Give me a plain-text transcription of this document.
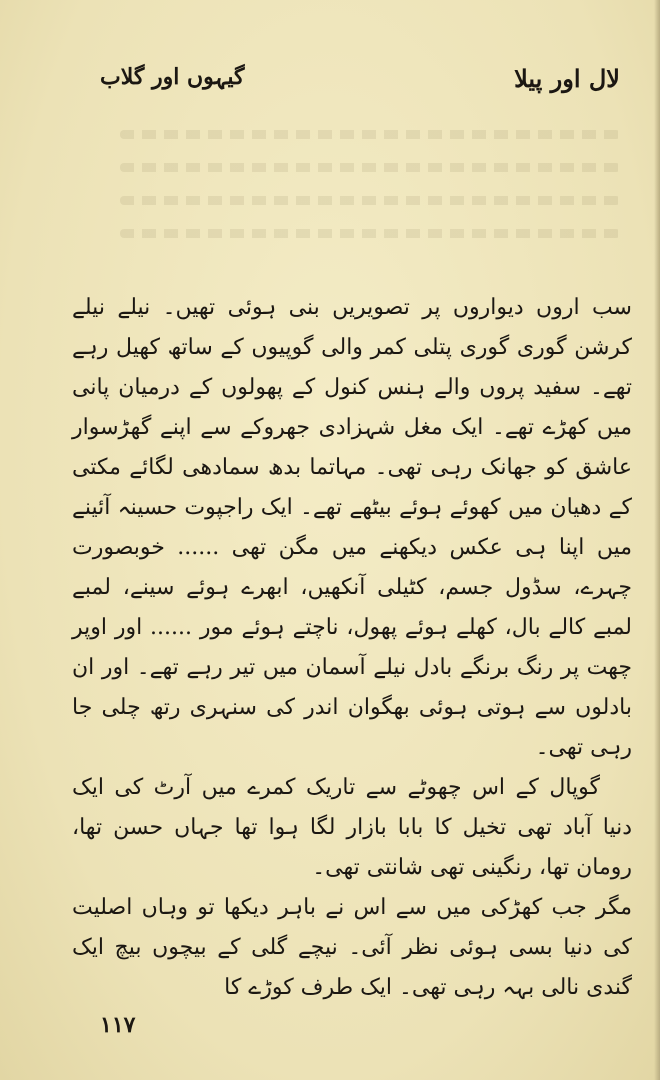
لال اور پیلا
گیہوں اور گلاب

سب اروں دیواروں پر تصویریں بنی ہوئی تھیں۔ نیلے نیلے کرشن گوری گوری پتلی کمر والی گوپیوں کے ساتھ کھیل رہے تھے۔ سفید پروں والے ہنس کنول کے پھولوں کے درمیان پانی میں کھڑے تھے۔ ایک مغل شہزادی جھروکے سے اپنے گھڑسوار عاشق کو جھانک رہی تھی۔ مہاتما بدھ سمادھی لگائے مکتی کے دھیان میں کھوئے ہوئے بیٹھے تھے۔ ایک راجپوت حسینہ آئینے میں اپنا ہی عکس دیکھنے میں مگن تھی ...... خوبصورت چہرے، سڈول جسم، کٹیلی آنکھیں، ابھرے ہوئے سینے، لمبے لمبے کالے بال، کھلے ہوئے پھول، ناچتے ہوئے مور ...... اور اوپر چھت پر رنگ برنگے بادل نیلے آسمان میں تیر رہے تھے۔ اور ان بادلوں سے ہوتی ہوئی بھگوان اندر کی سنہری رتھ چلی جا رہی تھی۔

گوپال کے اس چھوٹے سے تاریک کمرے میں آرٹ کی ایک دنیا آباد تھی تخیل کا بابا بازار لگا ہوا تھا جہاں حسن تھا، رومان تھا، رنگینی تھی شانتی تھی۔

مگر جب کھڑکی میں سے اس نے باہر دیکھا تو وہاں اصلیت کی دنیا بسی ہوئی نظر آئی۔ نیچے گلی کے بیچوں بیچ ایک گندی نالی بہہ رہی تھی۔ ایک طرف کوڑے کا

۱۱۷
